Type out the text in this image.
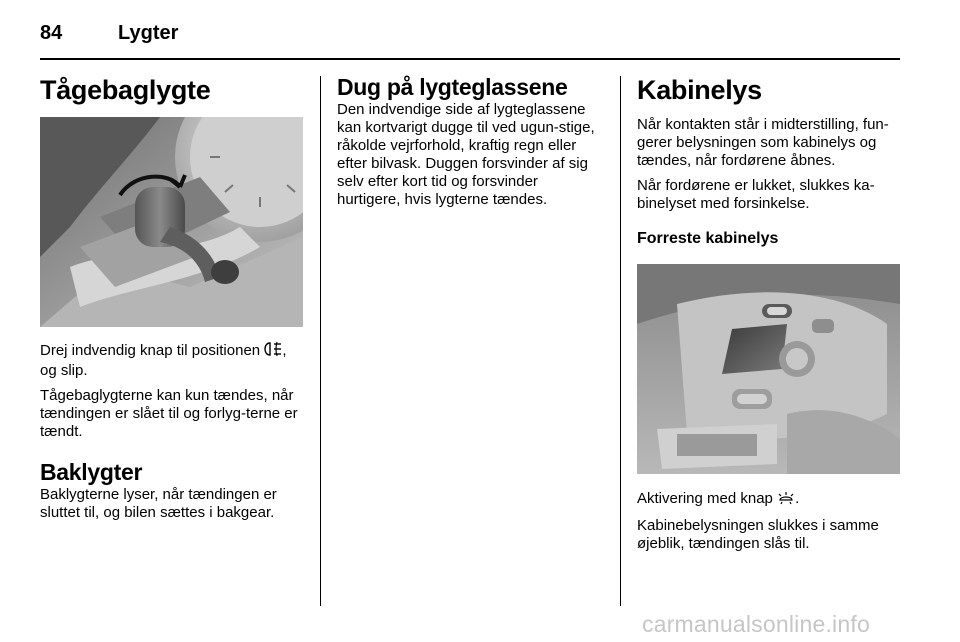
84	Lygter
Tågebaglygte

Drej indvendig knap til positionen ,

og slip.

Tågebaglygterne kan kun tændes, når tændingen er slået til og forlyg-terne er tændt.

Baklygter

Baklygterne lyser, når tændingen er sluttet til, og bilen sættes i bakgear.

Dug på lygteglassene

Den indvendige side af lygteglassene kan kortvarigt dugge til ved ugun-stige, råkolde vejrforhold, kraftig regn eller efter bilvask. Duggen forsvinder af sig selv efter kort tid og forsvinder hurtigere, hvis lygterne tændes.

Kabinelys

Når kontakten står i midterstilling, fun-gerer belysningen som kabinelys og tændes, når fordørene åbnes.

Når fordørene er lukket, slukkes ka-binelyset med forsinkelse.

Forreste kabinelys

Aktivering med knap .

Kabinebelysningen slukkes i samme øjeblik, tændingen slås til.

carmanualsonline.info
